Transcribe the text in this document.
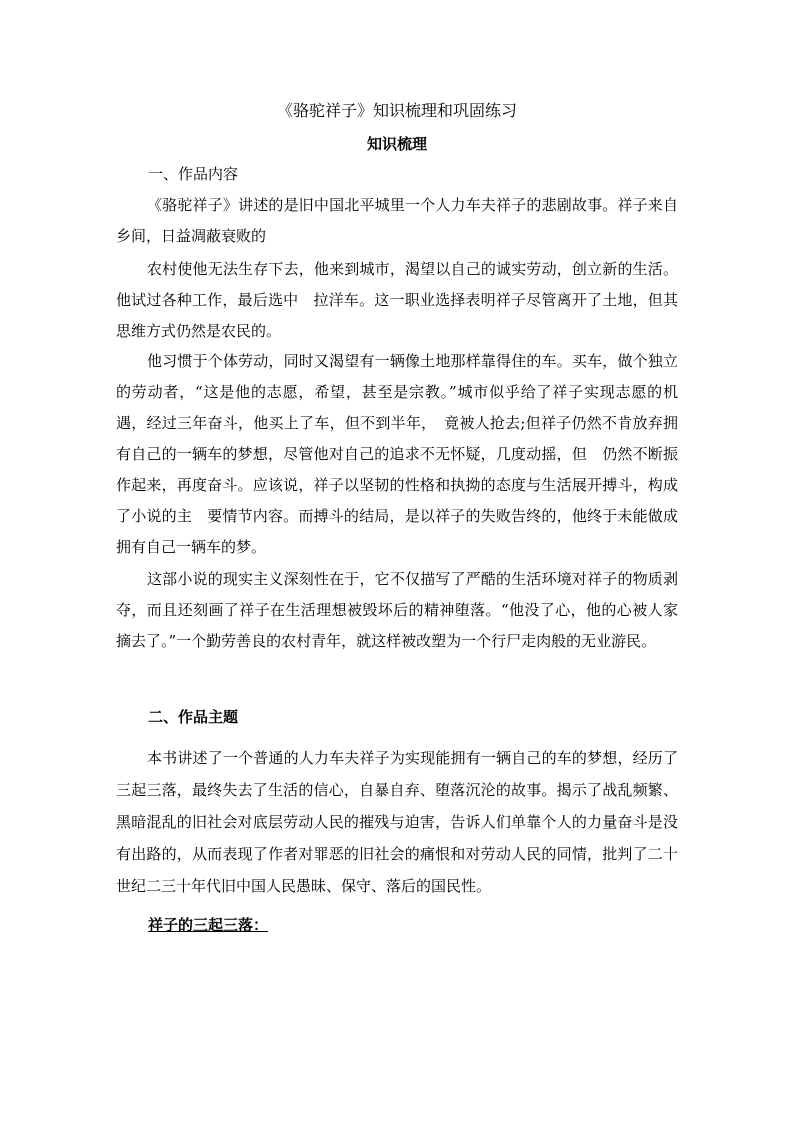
《骆驼祥子》知识梳理和巩固练习
知识梳理
一、作品内容

《骆驼祥子》讲述的是旧中国北平城里一个人力车夫祥子的悲剧故事。祥子来自乡间，日益凋蔽衰败的

农村使他无法生存下去，他来到城市，渴望以自己的诚实劳动，创立新的生活。他试过各种工作，最后选中　拉洋车。这一职业选择表明祥子尽管离开了土地，但其思维方式仍然是农民的。

他习惯于个体劳动，同时又渴望有一辆像土地那样靠得住的车。买车，做个独立的劳动者，“这是他的志愿，希望，甚至是宗教。”城市似乎给了祥子实现志愿的机遇，经过三年奋斗，他买上了车，但不到半年，　竟被人抢去;但祥子仍然不肯放弃拥有自己的一辆车的梦想，尽管他对自己的追求不无怀疑，几度动摇，但　仍然不断振作起来，再度奋斗。应该说，祥子以坚韧的性格和执拗的态度与生活展开搏斗，构成了小说的主　要情节内容。而搏斗的结局，是以祥子的失败告终的，他终于未能做成拥有自己一辆车的梦。

这部小说的现实主义深刻性在于，它不仅描写了严酷的生活环境对祥子的物质剥夺，而且还刻画了祥子在生活理想被毁坏后的精神堕落。“他没了心，他的心被人家摘去了。”一个勤劳善良的农村青年，就这样被改塑为一个行尸走肉般的无业游民。

二、作品主题

本书讲述了一个普通的人力车夫祥子为实现能拥有一辆自己的车的梦想，经历了三起三落，最终失去了生活的信心，自暴自弃、堕落沉沦的故事。揭示了战乱频繁、黑暗混乱的旧社会对底层劳动人民的摧残与迫害，告诉人们单靠个人的力量奋斗是没有出路的，从而表现了作者对罪恶的旧社会的痛恨和对劳动人民的同情，批判了二十世纪二三十年代旧中国人民愚昧、保守、落后的国民性。

祥子的三起三落：
